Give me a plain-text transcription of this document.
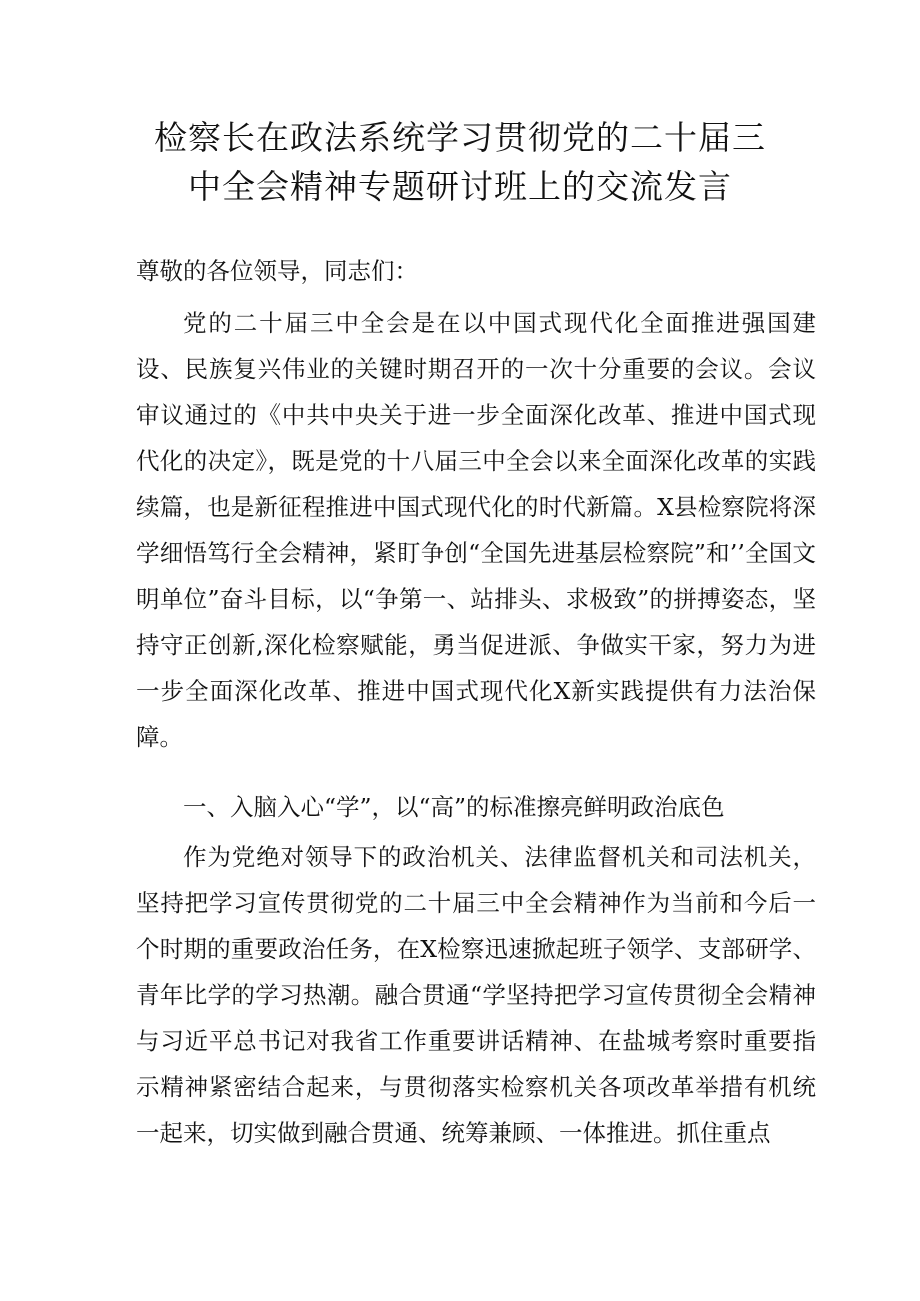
检察长在政法系统学习贯彻党的二十届三
中全会精神专题研讨班上的交流发言

尊敬的各位领导，同志们：

党的二十届三中全会是在以中国式现代化全面推进强国建设、民族复兴伟业的关键时期召开的一次十分重要的会议。会议审议通过的《中共中央关于进一步全面深化改革、推进中国式现代化的决定》，既是党的十八届三中全会以来全面深化改革的实践续篇，也是新征程推进中国式现代化的时代新篇。X县检察院将深学细悟笃行全会精神，紧盯争创“全国先进基层检察院”和’’全国文明单位”奋斗目标，以“争第一、站排头、求极致”的拼搏姿态，坚持守正创新,深化检察赋能，勇当促进派、争做实干家，努力为进一步全面深化改革、推进中国式现代化X新实践提供有力法治保障。

一、入脑入心“学”，以“高”的标准擦亮鲜明政治底色

作为党绝对领导下的政治机关、法律监督机关和司法机关，坚持把学习宣传贯彻党的二十届三中全会精神作为当前和今后一个时期的重要政治任务，在X检察迅速掀起班子领学、支部研学、青年比学的学习热潮。融合贯通“学坚持把学习宣传贯彻全会精神与习近平总书记对我省工作重要讲话精神、在盐城考察时重要指示精神紧密结合起来，与贯彻落实检察机关各项改革举措有机统一起来，切实做到融合贯通、统筹兼顾、一体推进。抓住重点
